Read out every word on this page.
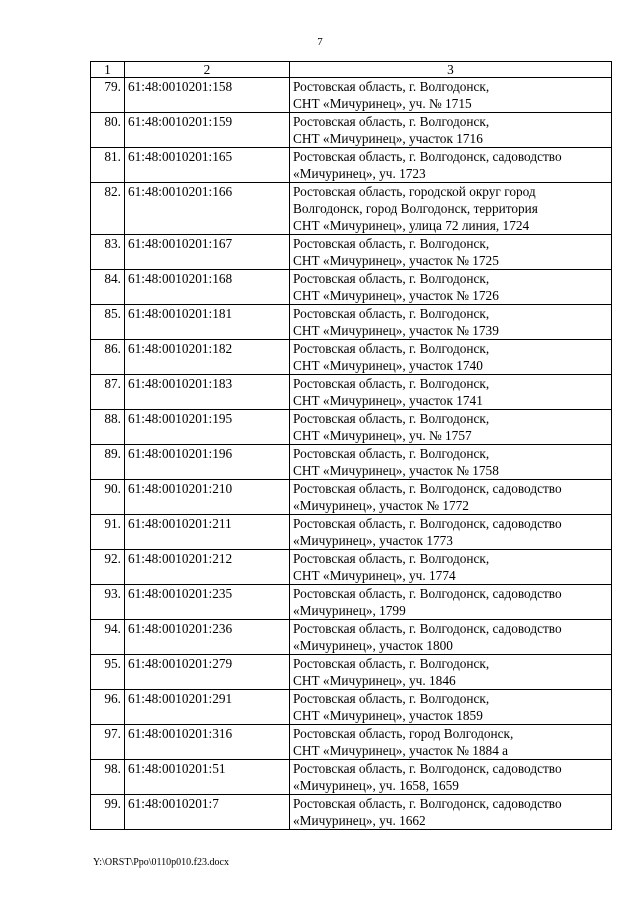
7
1	2	3
79.	61:48:0010201:158	Ростовская область, г. Волгодонск,
СНТ «Мичуринец», уч. № 1715

80.	61:48:0010201:159	Ростовская область, г. Волгодонск,
СНТ «Мичуринец», участок 1716

81.	61:48:0010201:165	Ростовская область, г. Волгодонск, садоводство
«Мичуринец», уч. 1723

82.	61:48:0010201:166	Ростовская область, городской округ город
Волгодонск, город Волгодонск, территория
СНТ «Мичуринец», улица 72 линия, 1724

83.	61:48:0010201:167	Ростовская область, г. Волгодонск,
СНТ «Мичуринец», участок № 1725

84.	61:48:0010201:168	Ростовская область, г. Волгодонск,
СНТ «Мичуринец», участок № 1726

85.	61:48:0010201:181	Ростовская область, г. Волгодонск,
СНТ «Мичуринец», участок № 1739

86.	61:48:0010201:182	Ростовская область, г. Волгодонск,
СНТ «Мичуринец», участок 1740

87.	61:48:0010201:183	Ростовская область, г. Волгодонск,
СНТ «Мичуринец», участок 1741

88.	61:48:0010201:195	Ростовская область, г. Волгодонск,
СНТ «Мичуринец», уч. № 1757

89.	61:48:0010201:196	Ростовская область, г. Волгодонск,
СНТ «Мичуринец», участок № 1758

90.	61:48:0010201:210	Ростовская область, г. Волгодонск, садоводство
«Мичуринец», участок № 1772

91.	61:48:0010201:211	Ростовская область, г. Волгодонск, садоводство
«Мичуринец», участок 1773

92.	61:48:0010201:212	Ростовская область, г. Волгодонск,
СНТ «Мичуринец», уч. 1774

93.	61:48:0010201:235	Ростовская область, г. Волгодонск, садоводство
«Мичуринец», 1799

94.	61:48:0010201:236	Ростовская область, г. Волгодонск, садоводство
«Мичуринец», участок 1800

95.	61:48:0010201:279	Ростовская область, г. Волгодонск,
СНТ «Мичуринец», уч. 1846

96.	61:48:0010201:291	Ростовская область, г. Волгодонск,
СНТ «Мичуринец», участок 1859

97.	61:48:0010201:316	Ростовская область, город Волгодонск,
СНТ «Мичуринец», участок № 1884 а

98.	61:48:0010201:51	Ростовская область, г. Волгодонск, садоводство
«Мичуринец», уч. 1658, 1659

99.	61:48:0010201:7	Ростовская область, г. Волгодонск, садоводство
«Мичуринец», уч. 1662
Y:\ORST\Ppo\0110p010.f23.docx
